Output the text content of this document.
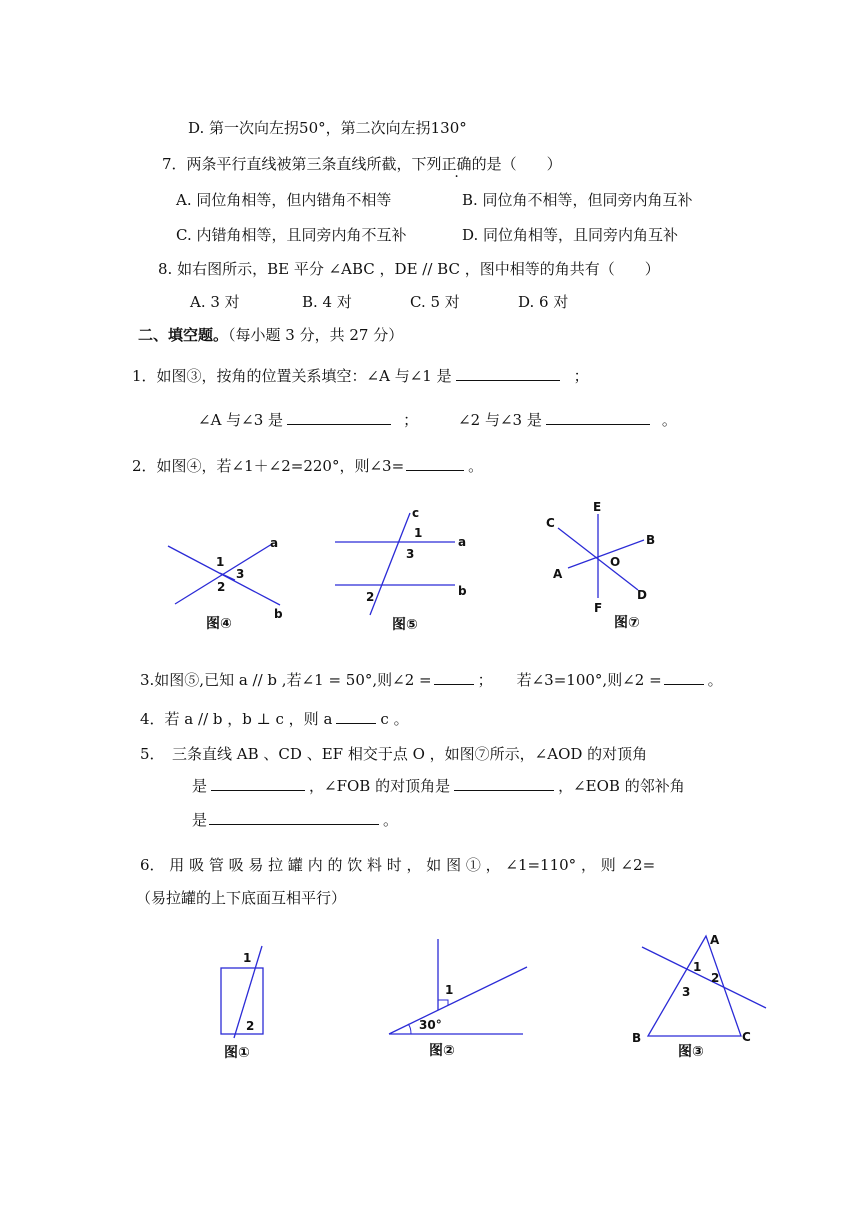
D. 第一次向左拐50°，第二次向左拐130°
7．两条平行直线被第三条直线所截，下列正确的是（　　）
A. 同位角相等，但内错角不相等	B. 同位角不相等，但同旁内角互补
C. 内错角相等，且同旁内角不互补	D. 同位角相等，且同旁内角互补
8. 如右图所示，BE 平分 ∠ABC ，DE // BC ，图中相等的角共有（　　）
A. 3 对	B. 4 对	C. 5 对	D. 6 对
二、填空题。（每小题 3 分，共 27 分）
1．如图③，按角的位置关系填空：∠A 与∠1 是	；
∠A 与∠3 是	；	∠2 与∠3 是	。
2．如图④，若∠1＋∠2=220°，则∠3=	。
1
2
3
a
b
图④
c
1
3
a
2	b
图⑤
E
C
B
O
A
F
D
图⑦
3.如图⑤,已知 a // b ,若∠1 = 50°,则∠2 =	； 若∠3=100°,则∠2 =	。
4．若 a // b ，b ⊥ c ，则 a	c 。
5．　三条直线 AB 、CD 、EF 相交于点 O ，如图⑦所示，∠AOD 的对顶角
是	，∠FOB 的对顶角是	，∠EOB 的邻补角
是	。
6． 用 吸 管 吸 易 拉 罐 内 的 饮 料 时 ， 如 图 ① ， ∠1=110° ， 则 ∠2=
（易拉罐的上下底面互相平行）
1
2
图①
1
30°
图②
A
1
2
3
B	C
图③
